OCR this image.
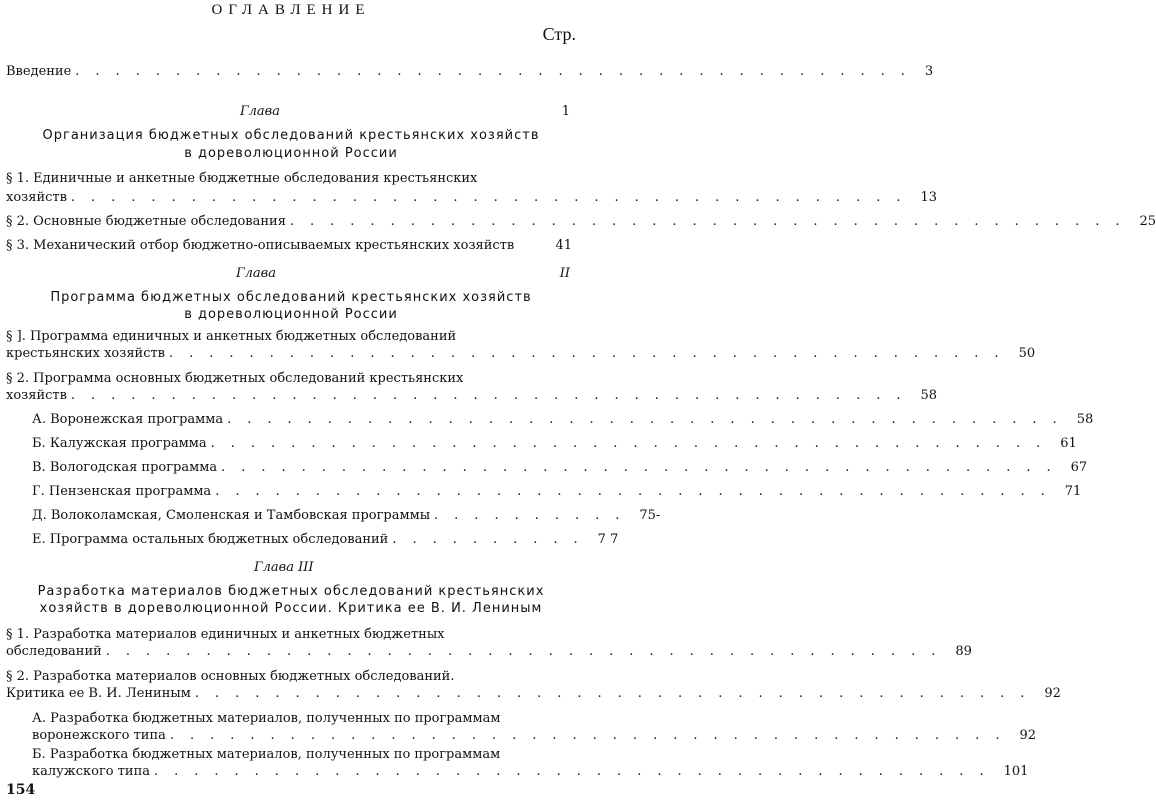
ОГЛАВЛЕНИЕ
Стр.
Введение .......................................... 3
Глава	1
Организация бюджетных обследований крестьянских хозяйств
в дореволюционной России
§ 1. Единичные и анкетные бюджетные обследования крестьянских
хозяйств .......................................... 13
§ 2. Основные бюджетные обследования .......................................... 25
§ 3. Механический отбор бюджетно-описываемых крестьянских хозяйств	41
Глава	II
Программа бюджетных обследований крестьянских хозяйств
в дореволюционной России
§ ]. Программа единичных и анкетных бюджетных обследований
крестьянских хозяйств .......................................... 50
§ 2. Программа основных бюджетных обследований крестьянских
хозяйств .......................................... 58
А. Воронежская программа .......................................... 58
Б. Калужская программа .......................................... 61
В. Вологодская программа .......................................... 67
Г. Пензенская программа .......................................... 71
Д. Волоколамская, Смоленская и Тамбовская программы .......... 75-
Е. Программа остальных бюджетных обследований .......... 7 7
Глава III
Разработка материалов бюджетных обследований крестьянских
хозяйств в дореволюционной России. Критика ее В. И. Лениным
§ 1. Разработка материалов единичных и анкетных бюджетных
обследований .......................................... 89
§ 2. Разработка материалов основных бюджетных обследований.
Критика ее В. И. Лениным .......................................... 92
А. Разработка бюджетных материалов, полученных по программам
воронежского типа .......................................... 92
Б. Разработка бюджетных материалов, полученных по программам
калужского типа .......................................... 101
154
